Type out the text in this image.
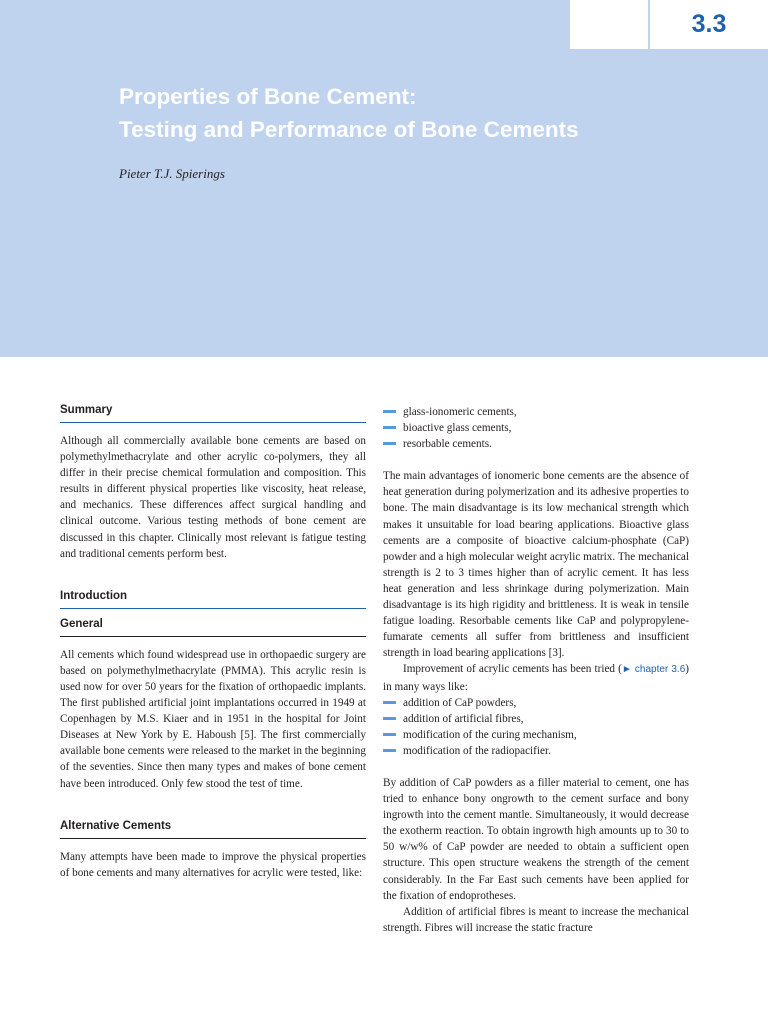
3.3
Properties of Bone Cement:
Testing and Performance of Bone Cements
Pieter T.J. Spierings
Summary

Although all commercially available bone cements are based on polymethylmethacrylate and other acrylic co-polymers, they all differ in their precise chemical formulation and composition. This results in different physical properties like viscosity, heat release, and mechanics. These differences affect surgical handling and clinical outcome. Various testing methods of bone cement are discussed in this chapter. Clinically most relevant is fatigue testing and traditional cements perform best.

Introduction
General

All cements which found widespread use in orthopaedic surgery are based on polymethylmethacrylate (PMMA). This acrylic resin is used now for over 50 years for the fixation of orthopaedic implants. The first published artificial joint implantations occurred in 1949 at Copenhagen by M.S. Kiaer and in 1951 in the hospital for Joint Diseases at New York by E. Haboush [5]. The first commercially available bone cements were released to the market in the beginning of the seventies. Since then many types and makes of bone cement have been introduced. Only few stood the test of time.

Alternative Cements

Many attempts have been made to improve the physical properties of bone cements and many alternatives for acrylic were tested, like:

glass-ionomeric cements,
bioactive glass cements,
resorbable cements.

The main advantages of ionomeric bone cements are the absence of heat generation during polymerization and its adhesive properties to bone. The main disadvantage is its low mechanical strength which makes it unsuitable for load bearing applications. Bioactive glass cements are a composite of bioactive calcium-phosphate (CaP) powder and a high molecular weight acrylic matrix. The mechanical strength is 2 to 3 times higher than of acrylic cement. It has less heat generation and less shrinkage during polymerization. Main disadvantage is its high rigidity and brittleness. It is weak in tensile fatigue loading. Resorbable cements like CaP and polypropylene-fumarate cements all suffer from brittleness and insufficient strength in load bearing applications [3].

Improvement of acrylic cements has been tried (► chapter 3.6) in many ways like:

addition of CaP powders,
addition of artificial fibres,
modification of the curing mechanism,
modification of the radiopacifier.

By addition of CaP powders as a filler material to cement, one has tried to enhance bony ongrowth to the cement surface and bony ingrowth into the cement mantle. Simultaneously, it would decrease the exotherm reaction. To obtain ingrowth high amounts up to 30 to 50 w/w% of CaP powder are needed to obtain a sufficient open structure. This open structure weakens the strength of the cement considerably. In the Far East such cements have been applied for the fixation of endoprotheses.

Addition of artificial fibres is meant to increase the mechanical strength. Fibres will increase the static fracture
